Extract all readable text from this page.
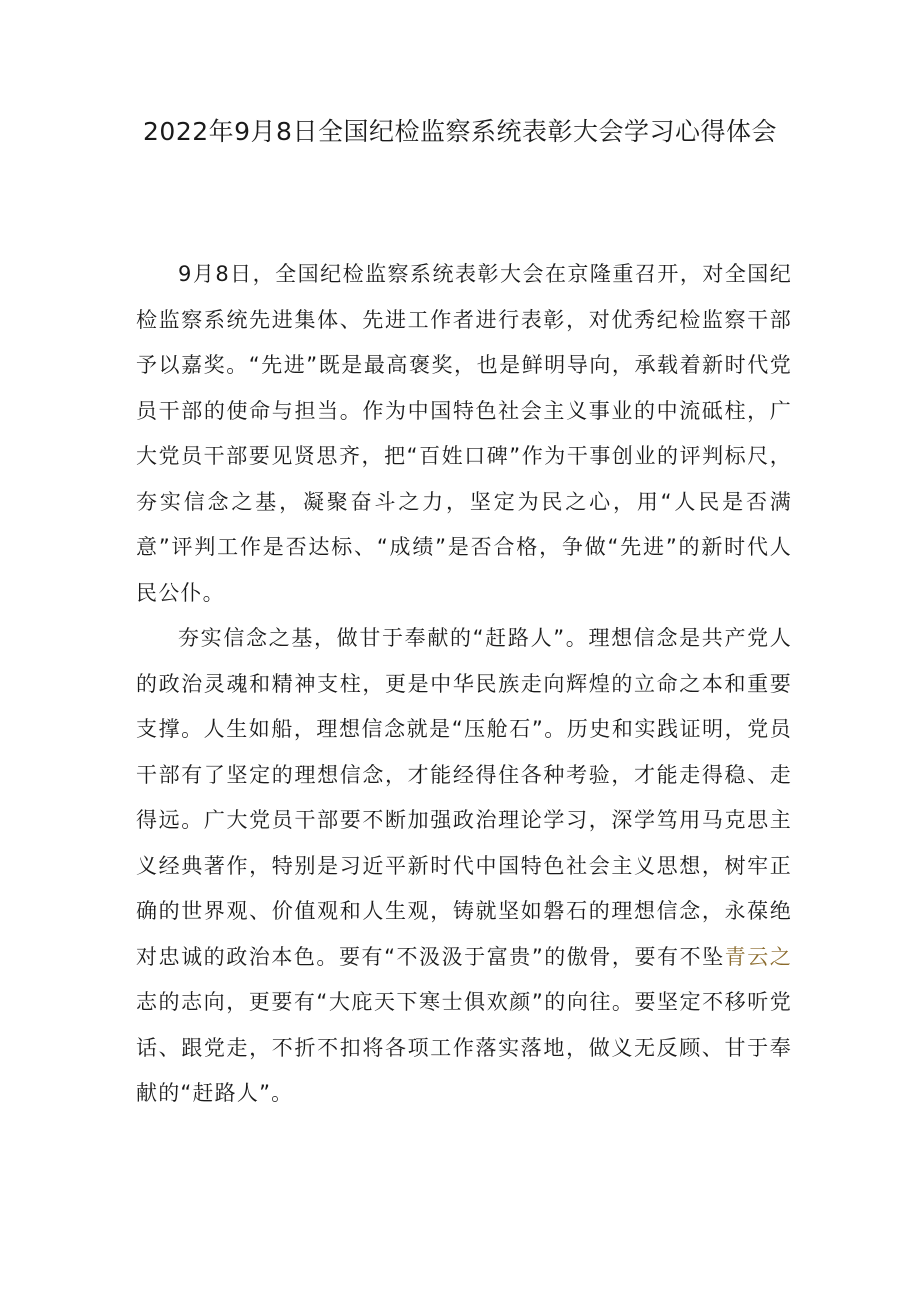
2022年9月8日全国纪检监察系统表彰大会学习心得体会

9月8日，全国纪检监察系统表彰大会在京隆重召开，对全国纪检监察系统先进集体、先进工作者进行表彰，对优秀纪检监察干部予以嘉奖。“先进”既是最高褒奖，也是鲜明导向，承载着新时代党员干部的使命与担当。作为中国特色社会主义事业的中流砥柱，广大党员干部要见贤思齐，把“百姓口碑”作为干事创业的评判标尺，夯实信念之基，凝聚奋斗之力，坚定为民之心，用“人民是否满意”评判工作是否达标、“成绩”是否合格，争做“先进”的新时代人民公仆。

夯实信念之基，做甘于奉献的“赶路人”。理想信念是共产党人的政治灵魂和精神支柱，更是中华民族走向辉煌的立命之本和重要支撑。人生如船，理想信念就是“压舱石”。历史和实践证明，党员干部有了坚定的理想信念，才能经得住各种考验，才能走得稳、走得远。广大党员干部要不断加强政治理论学习，深学笃用马克思主义经典著作，特别是习近平新时代中国特色社会主义思想，树牢正确的世界观、价值观和人生观，铸就坚如磐石的理想信念，永葆绝对忠诚的政治本色。要有“不汲汲于富贵”的傲骨，要有不坠青云之志的志向，更要有“大庇天下寒士俱欢颜”的向往。要坚定不移听党话、跟党走，不折不扣将各项工作落实落地，做义无反顾、甘于奉献的“赶路人”。
